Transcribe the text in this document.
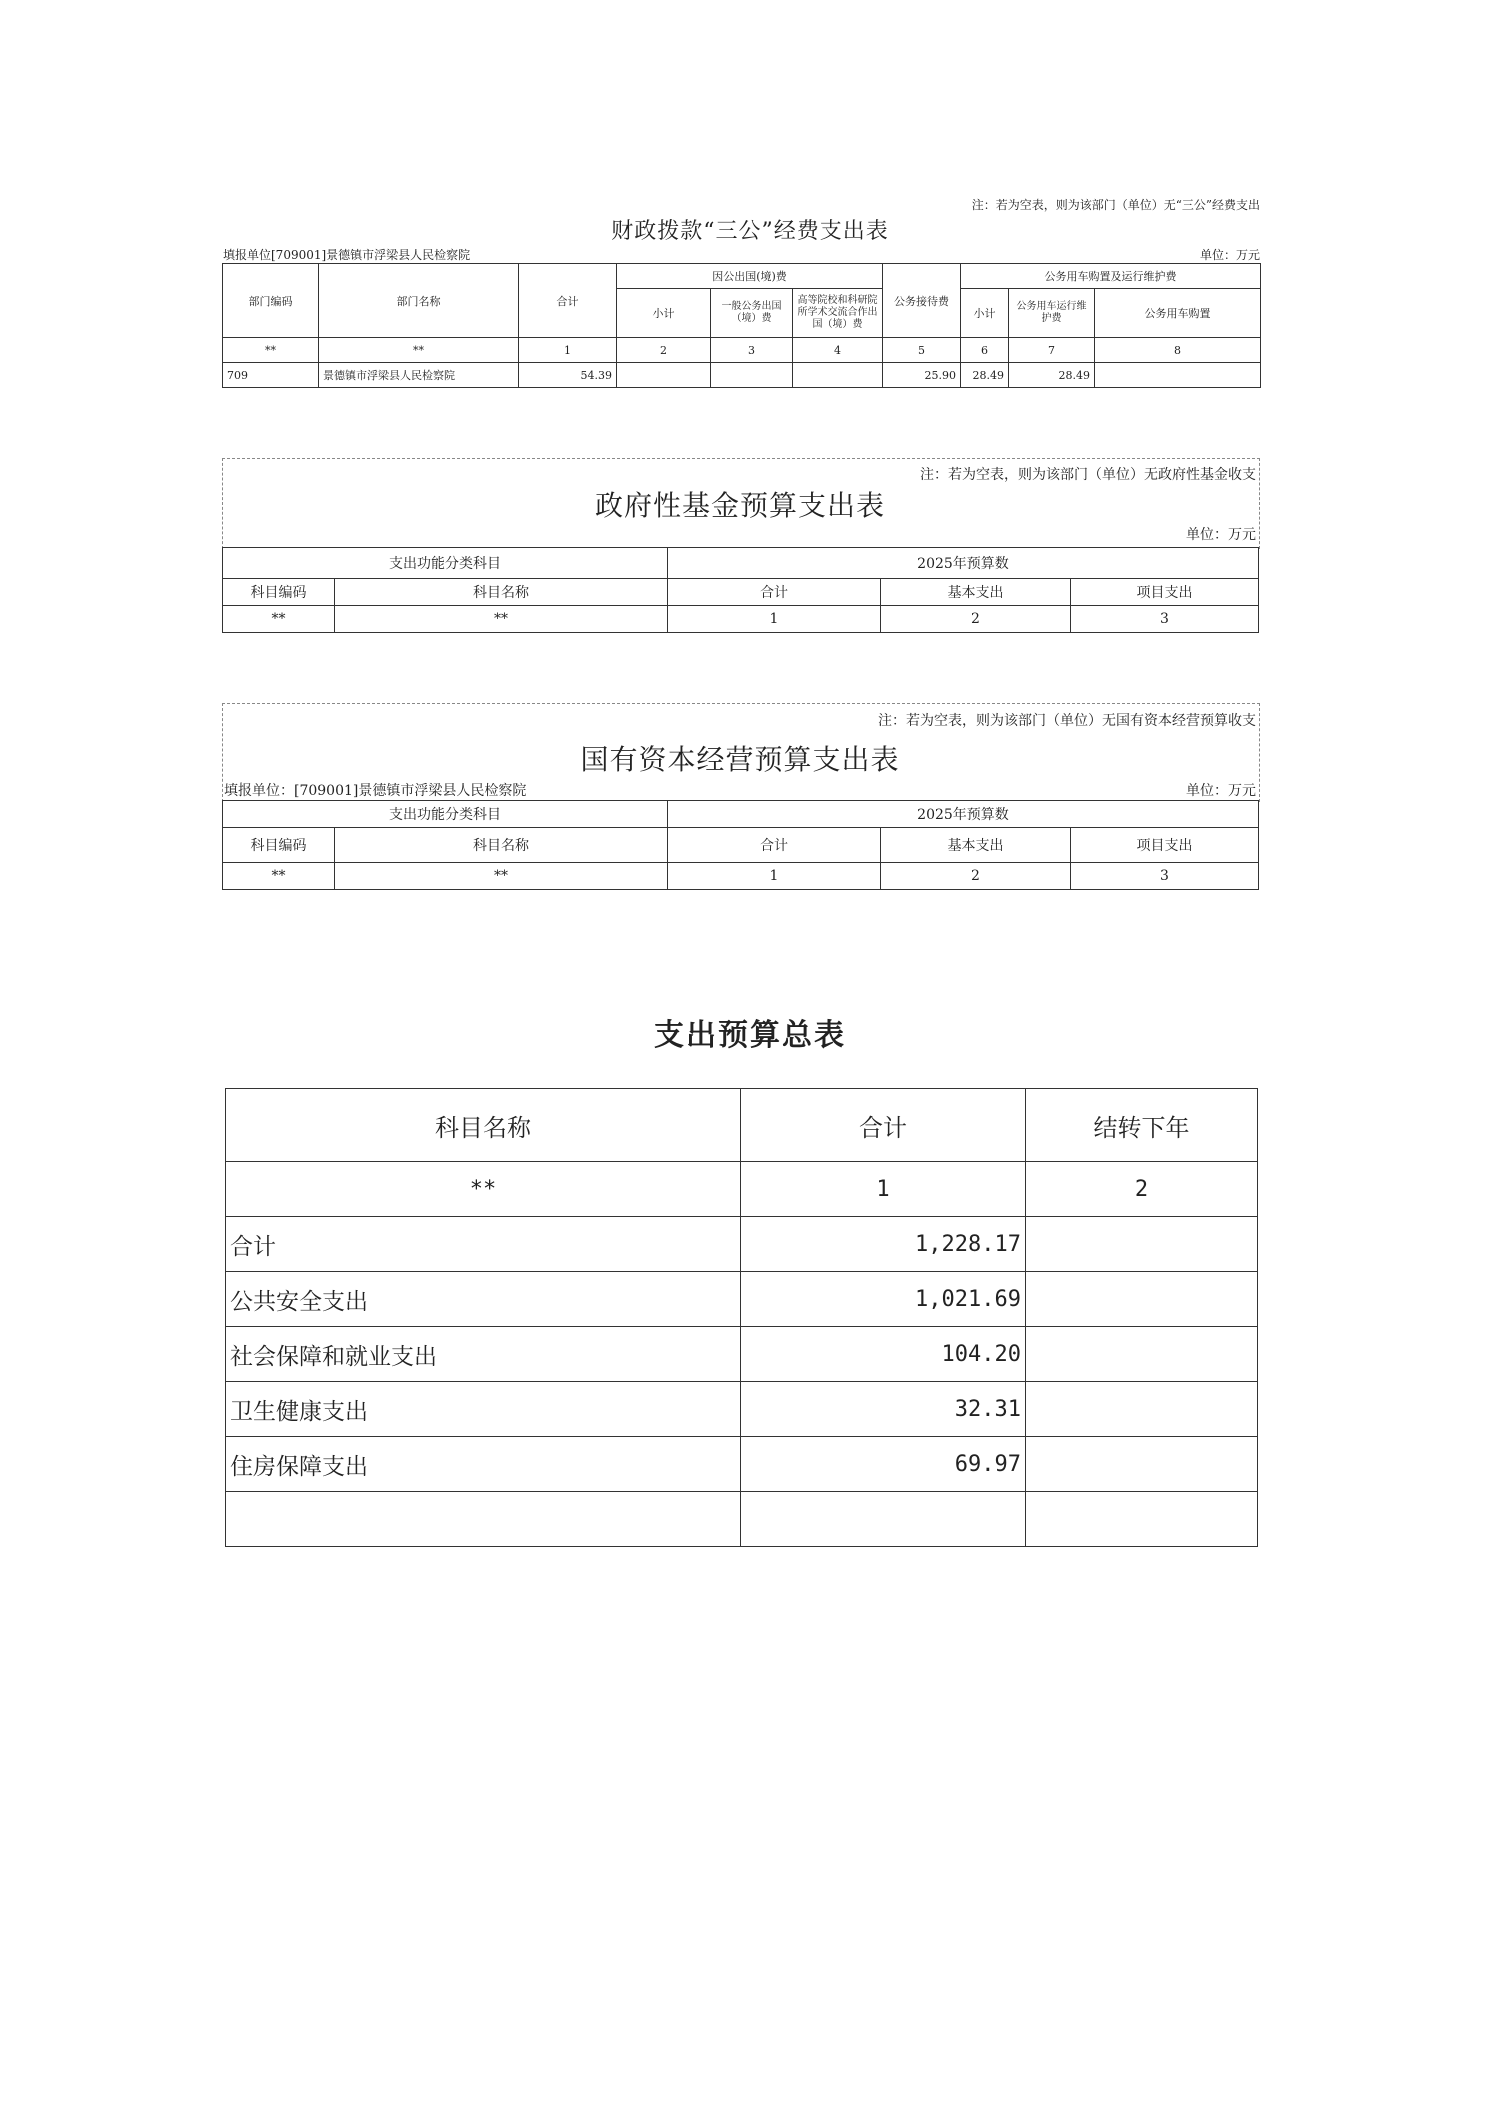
注：若为空表，则为该部门（单位）无“三公”经费支出
财政拨款“三公”经费支出表
填报单位[709001]景德镇市浮梁县人民检察院	单位：万元
部门编码	部门名称	合计	因公出国(境)费			公务接待费	公务用车购置及运行维护费		
			小计	一般公务出国（境）费	高等院校和科研院所学术交流合作出国（境）费		小计	公务用车运行维护费	公务用车购置
**	**	1	2	3	4	5	6	7	8
709	景德镇市浮梁县人民检察院	54.39				25.90	28.49	28.49	
注：若为空表，则为该部门（单位）无政府性基金收支
政府性基金预算支出表
单位：万元
支出功能分类科目		2025年预算数		
科目编码	科目名称	合计	基本支出	项目支出
**	**	1	2	3
注：若为空表，则为该部门（单位）无国有资本经营预算收支
国有资本经营预算支出表
填报单位：[709001]景德镇市浮梁县人民检察院	单位：万元
支出功能分类科目		2025年预算数		
科目编码	科目名称	合计	基本支出	项目支出
**	**	1	2	3
支出预算总表
科目名称	合计	结转下年
**	1	2
合计	1,228.17	
公共安全支出	1,021.69	
社会保障和就业支出	104.20	
卫生健康支出	32.31	
住房保障支出	69.97	
